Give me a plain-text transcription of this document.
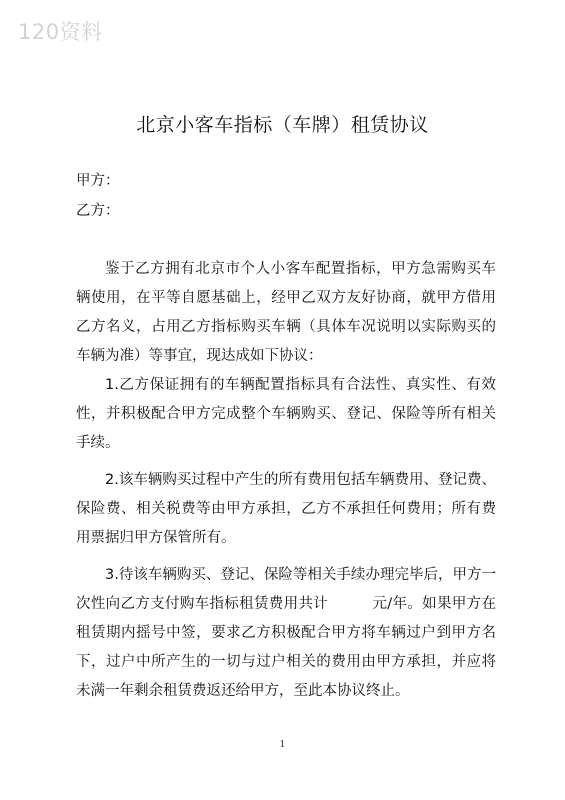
120资料
北京小客车指标（车牌）租赁协议
甲方：
乙方：

鉴于乙方拥有北京市个人小客车配置指标，甲方急需购买车辆使用，在平等自愿基础上，经甲乙双方友好协商，就甲方借用乙方名义，占用乙方指标购买车辆（具体车况说明以实际购买的车辆为准）等事宜，现达成如下协议：

1.乙方保证拥有的车辆配置指标具有合法性、真实性、有效性，并积极配合甲方完成整个车辆购买、登记、保险等所有相关手续。

2.该车辆购买过程中产生的所有费用包括车辆费用、登记费、保险费、相关税费等由甲方承担，乙方不承担任何费用；所有费用票据归甲方保管所有。

3.待该车辆购买、登记、保险等相关手续办理完毕后，甲方一次性向乙方支付购车指标租赁费用共计	元/年。如果甲方在租赁期内摇号中签，要求乙方积极配合甲方将车辆过户到甲方名下，过户中所产生的一切与过户相关的费用由甲方承担，并应将未满一年剩余租赁费返还给甲方，至此本协议终止。

1
